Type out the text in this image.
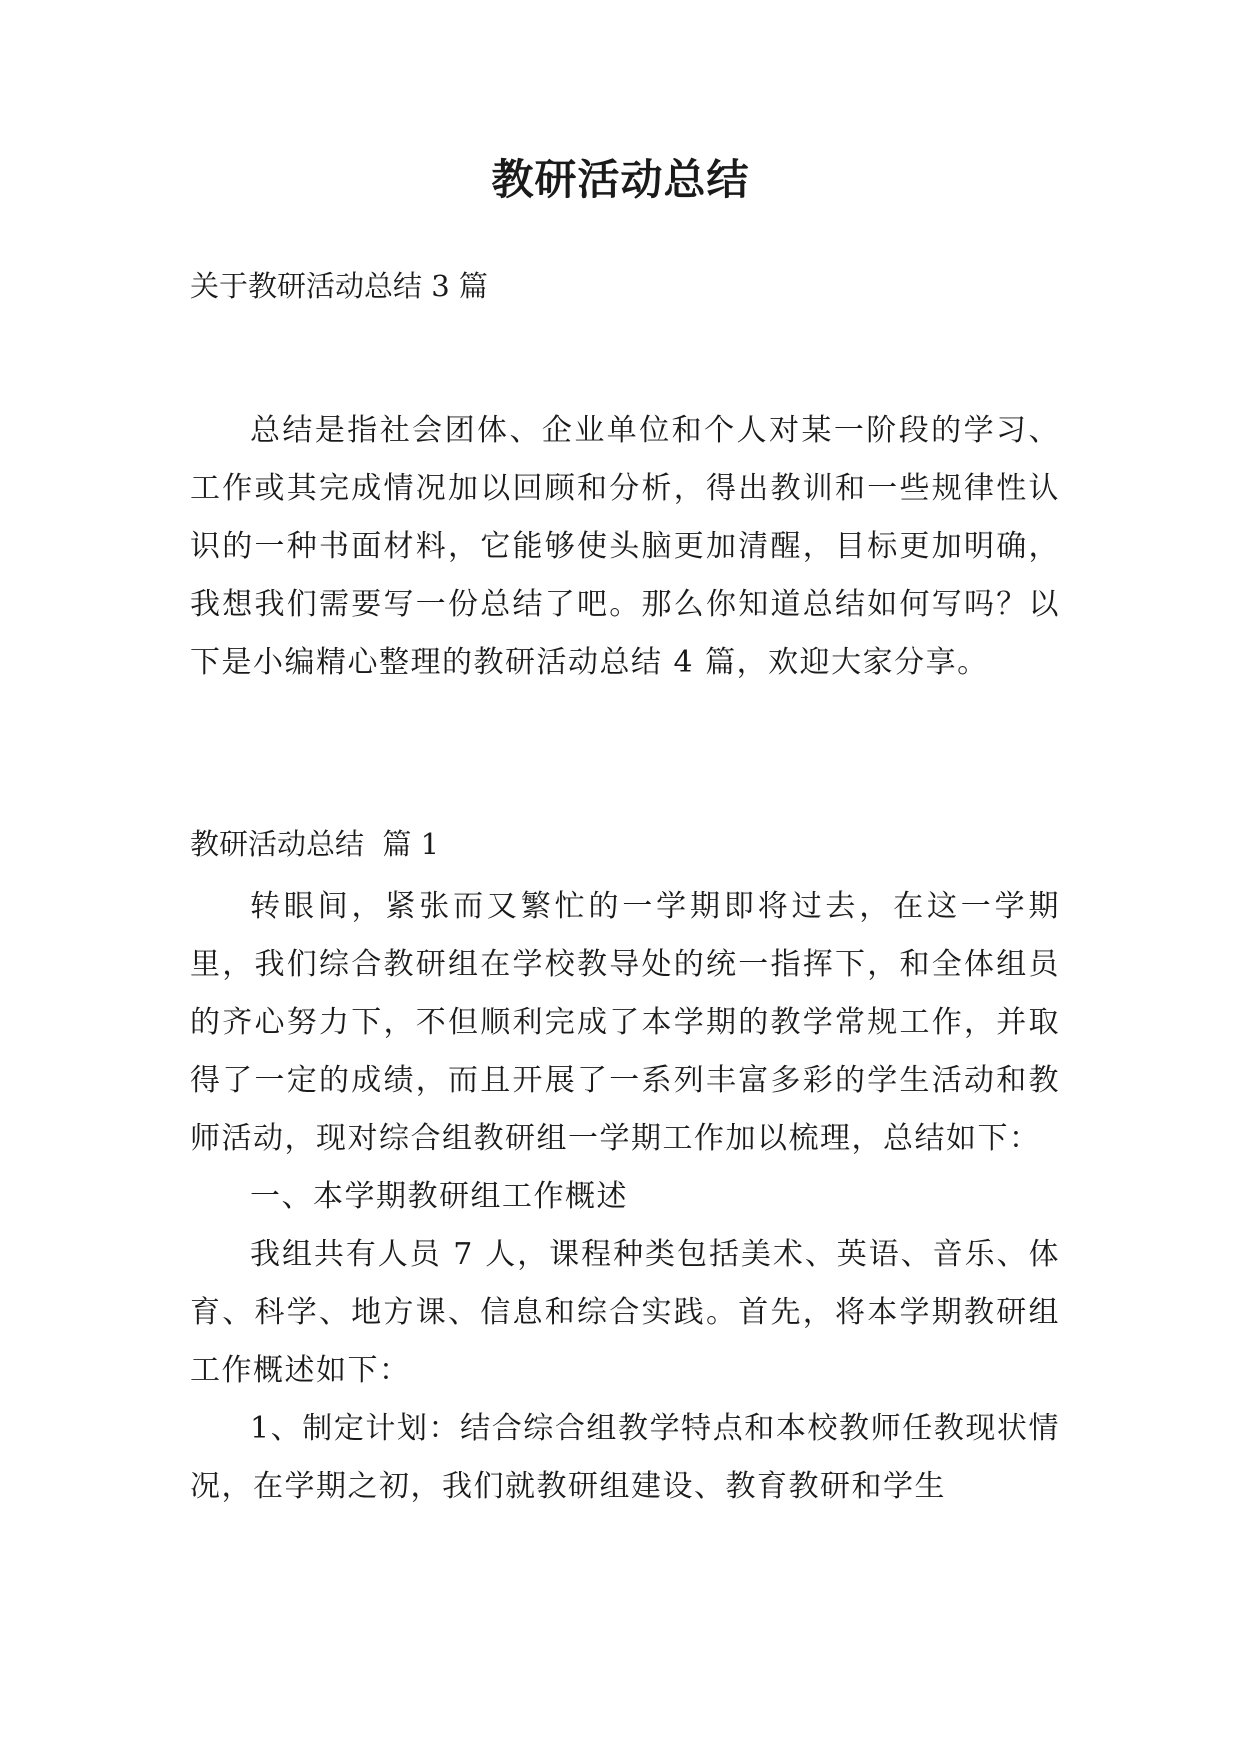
教研活动总结

关于教研活动总结 3 篇

总结是指社会团体、企业单位和个人对某一阶段的学习、工作或其完成情况加以回顾和分析，得出教训和一些规律性认识的一种书面材料，它能够使头脑更加清醒，目标更加明确，我想我们需要写一份总结了吧。那么你知道总结如何写吗？以下是小编精心整理的教研活动总结 4 篇，欢迎大家分享。

教研活动总结  篇 1

转眼间，紧张而又繁忙的一学期即将过去，在这一学期里，我们综合教研组在学校教导处的统一指挥下，和全体组员的齐心努力下，不但顺利完成了本学期的教学常规工作，并取得了一定的成绩，而且开展了一系列丰富多彩的学生活动和教师活动，现对综合组教研组一学期工作加以梳理，总结如下：

一、本学期教研组工作概述

我组共有人员 7 人，课程种类包括美术、英语、音乐、体育、科学、地方课、信息和综合实践。首先，将本学期教研组工作概述如下：

1、制定计划：结合综合组教学特点和本校教师任教现状情况，在学期之初，我们就教研组建设、教育教研和学生
